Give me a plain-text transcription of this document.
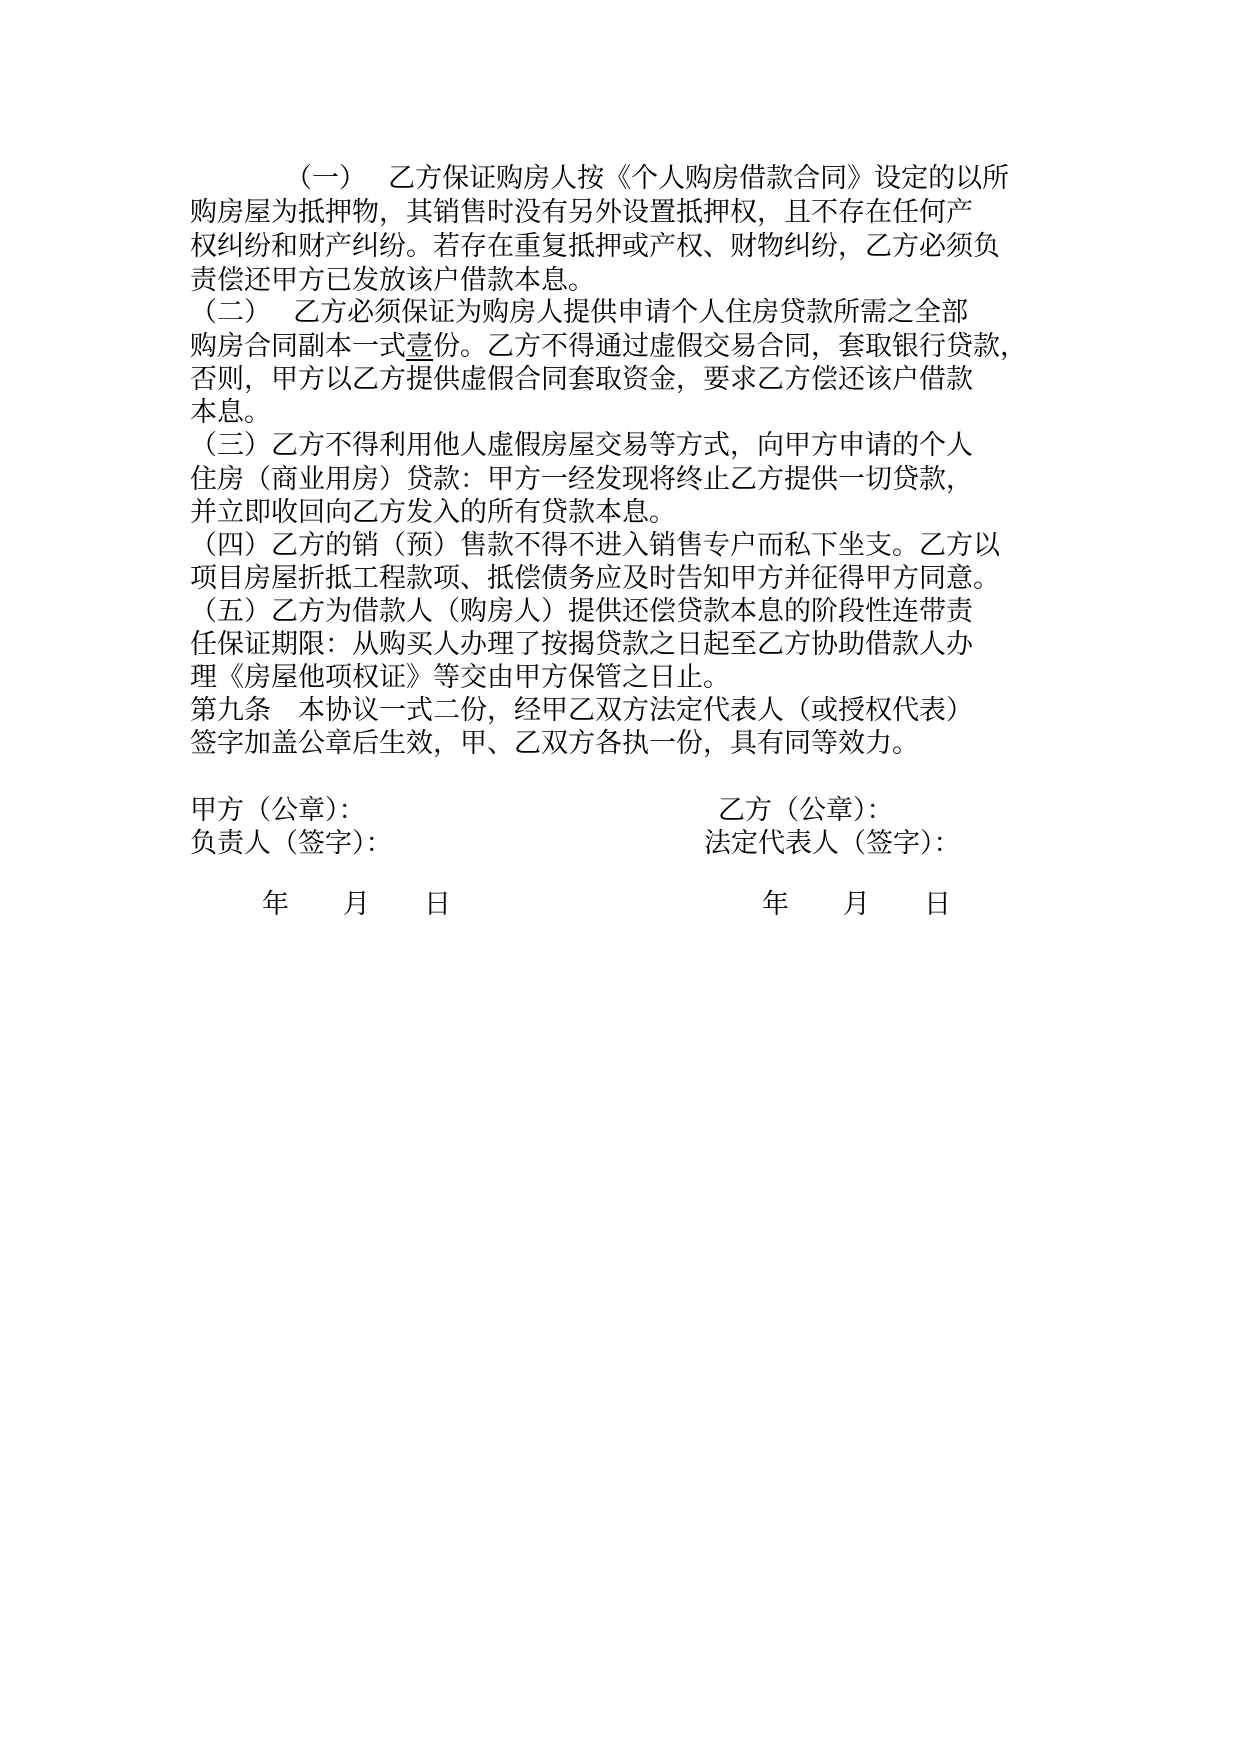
（一）　 乙方保证购房人按《个人购房借款合同》设定的以所
购房屋为抵押物，其销售时没有另外设置抵押权，且不存在任何产
权纠纷和财产纠纷。若存在重复抵押或产权、财物纠纷，乙方必须负
责偿还甲方已发放该户借款本息。
（二）　 乙方必须保证为购房人提供申请个人住房贷款所需之全部
购房合同副本一式壹份。乙方不得通过虚假交易合同，套取银行贷款，
否则，甲方以乙方提供虚假合同套取资金，要求乙方偿还该户借款
本息。
（三）乙方不得利用他人虚假房屋交易等方式，向甲方申请的个人
住房（商业用房）贷款：甲方一经发现将终止乙方提供一切贷款，
并立即收回向乙方发入的所有贷款本息。
（四）乙方的销（预）售款不得不进入销售专户而私下坐支。乙方以
项目房屋折抵工程款项、抵偿债务应及时告知甲方并征得甲方同意。
（五）乙方为借款人（购房人）提供还偿贷款本息的阶段性连带责
任保证期限：从购买人办理了按揭贷款之日起至乙方协助借款人办
理《房屋他项权证》等交由甲方保管之日止。
第九条　本协议一式二份，经甲乙双方法定代表人（或授权代表）
签字加盖公章后生效，甲、乙双方各执一份，具有同等效力。
甲方（公章）：
负责人（签字）：
年　　月　　日
乙方（公章）：
法定代表人（签字）：
年　　月　　日
